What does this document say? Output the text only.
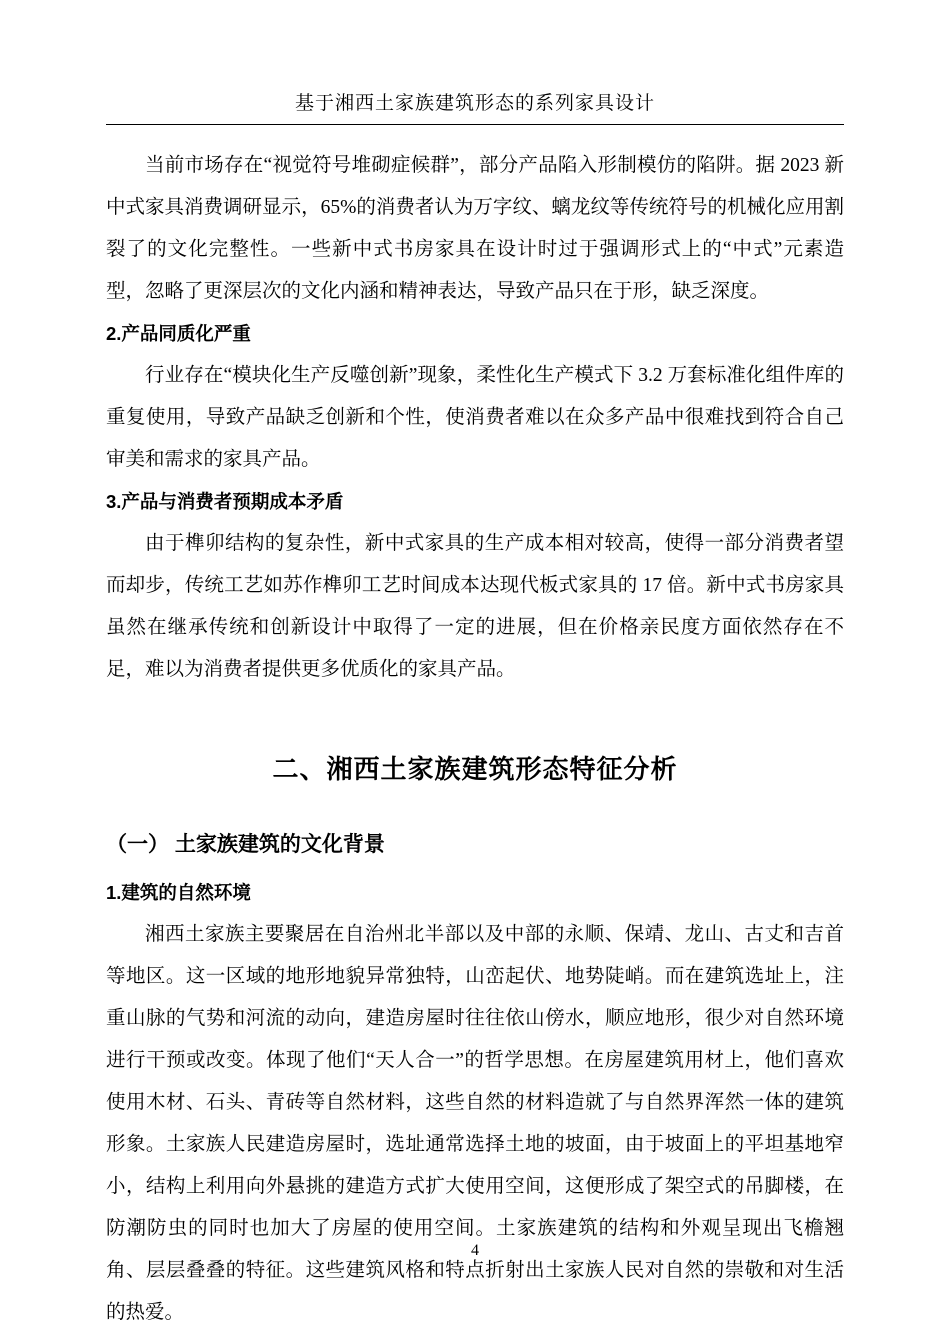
基于湘西土家族建筑形态的系列家具设计

当前市场存在“视觉符号堆砌症候群”，部分产品陷入形制模仿的陷阱。据 2023 新中式家具消费调研显示，65%的消费者认为万字纹、螭龙纹等传统符号的机械化应用割裂了的文化完整性。一些新中式书房家具在设计时过于强调形式上的“中式”元素造型，忽略了更深层次的文化内涵和精神表达，导致产品只在于形，缺乏深度。

2.产品同质化严重

行业存在“模块化生产反噬创新”现象，柔性化生产模式下 3.2 万套标准化组件库的重复使用，导致产品缺乏创新和个性，使消费者难以在众多产品中很难找到符合自己审美和需求的家具产品。

3.产品与消费者预期成本矛盾

由于榫卯结构的复杂性，新中式家具的生产成本相对较高，使得一部分消费者望而却步，传统工艺如苏作榫卯工艺时间成本达现代板式家具的 17 倍。新中式书房家具虽然在继承传统和创新设计中取得了一定的进展，但在价格亲民度方面依然存在不足，难以为消费者提供更多优质化的家具产品。

二、湘西土家族建筑形态特征分析
（一） 土家族建筑的文化背景
1.建筑的自然环境

湘西土家族主要聚居在自治州北半部以及中部的永顺、保靖、龙山、古丈和吉首等地区。这一区域的地形地貌异常独特，山峦起伏、地势陡峭。而在建筑选址上，注重山脉的气势和河流的动向，建造房屋时往往依山傍水，顺应地形，很少对自然环境进行干预或改变。体现了他们“天人合一”的哲学思想。在房屋建筑用材上，他们喜欢使用木材、石头、青砖等自然材料，这些自然的材料造就了与自然界浑然一体的建筑形象。土家族人民建造房屋时，选址通常选择土地的坡面，由于坡面上的平坦基地窄小，结构上利用向外悬挑的建造方式扩大使用空间，这便形成了架空式的吊脚楼，在防潮防虫的同时也加大了房屋的使用空间。土家族建筑的结构和外观呈现出飞檐翘角、层层叠叠的特征。这些建筑风格和特点折射出土家族人民对自然的崇敬和对生活的热爱。

4
